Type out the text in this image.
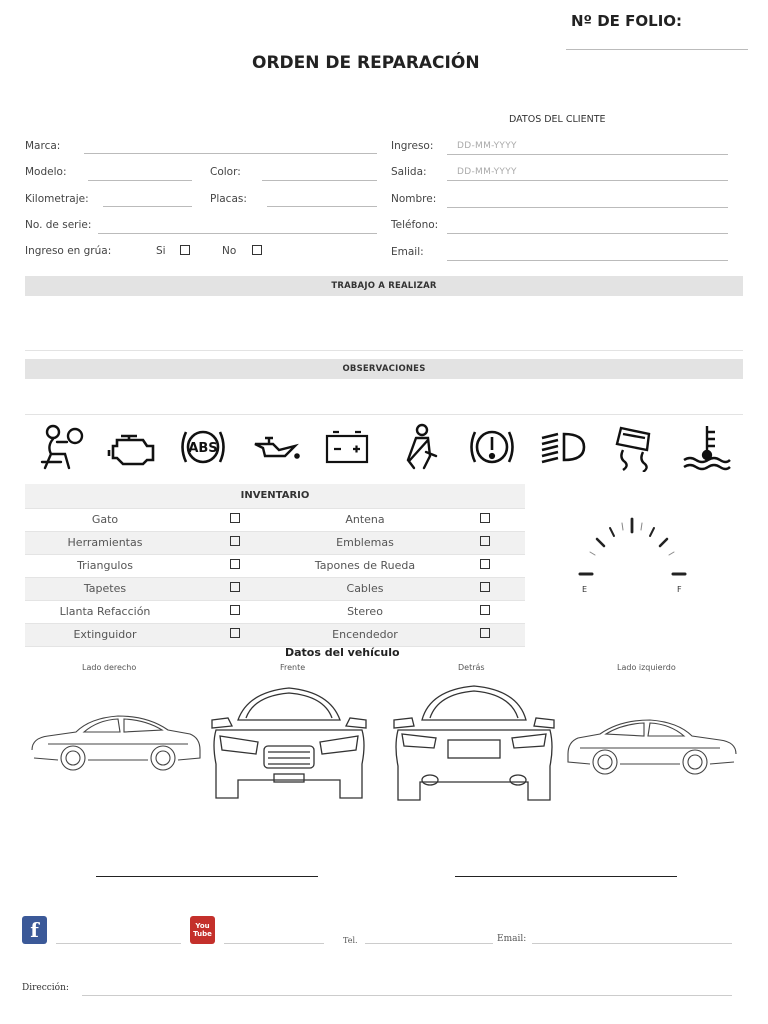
Nº DE FOLIO:
ORDEN DE REPARACIÓN
DATOS DEL CLIENTE
Marca:
Modelo:	Color:
Kilometraje:	Placas:
No. de serie:
Ingreso en grúa:	Si	No
Ingreso:	DD-MM-YYYY
Salida:	DD-MM-YYYY
Nombre:
Teléfono:
Email:
TRABAJO A REALIZAR
OBSERVACIONES
ABS
INVENTARIO			
Gato		Antena	
Herramientas		Emblemas	
Triangulos		Tapones de Rueda	
Tapetes		Cables	
Llanta Refacción		Stereo	
Extinguidor		Encendedor	
E	F
Datos del vehículo
Lado derecho	Frente	Detrás	Lado izquierdo
f	You Tube
Tel.	Email:
Dirección:
